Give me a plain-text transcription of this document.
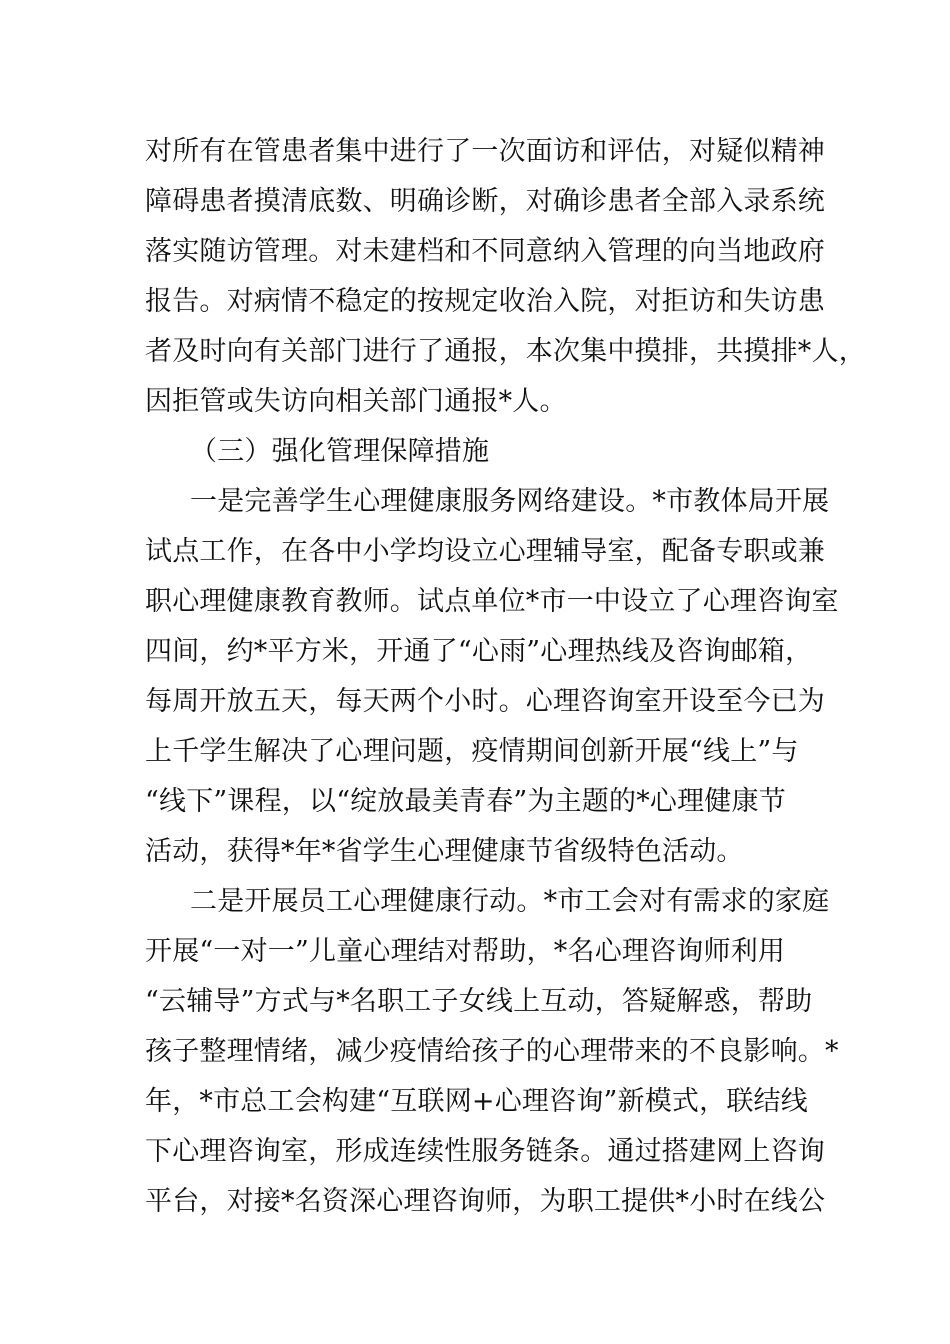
对所有在管患者集中进行了一次面访和评估，对疑似精神
障碍患者摸清底数、明确诊断，对确诊患者全部入录系统
落实随访管理。对未建档和不同意纳入管理的向当地政府
报告。对病情不稳定的按规定收治入院，对拒访和失访患
者及时向有关部门进行了通报，本次集中摸排，共摸排*人，
因拒管或失访向相关部门通报*人。
（三）强化管理保障措施
一是完善学生心理健康服务网络建设。*市教体局开展
试点工作，在各中小学均设立心理辅导室，配备专职或兼
职心理健康教育教师。试点单位*市一中设立了心理咨询室
四间，约*平方米，开通了“心雨”心理热线及咨询邮箱，
每周开放五天，每天两个小时。心理咨询室开设至今已为
上千学生解决了心理问题，疫情期间创新开展“线上”与
“线下”课程，以“绽放最美青春”为主题的*心理健康节
活动，获得*年*省学生心理健康节省级特色活动。
二是开展员工心理健康行动。*市工会对有需求的家庭
开展“一对一”儿童心理结对帮助，*名心理咨询师利用
“云辅导”方式与*名职工子女线上互动，答疑解惑，帮助
孩子整理情绪，减少疫情给孩子的心理带来的不良影响。*
年，*市总工会构建“互联网+心理咨询”新模式，联结线
下心理咨询室，形成连续性服务链条。通过搭建网上咨询
平台，对接*名资深心理咨询师，为职工提供*小时在线公
